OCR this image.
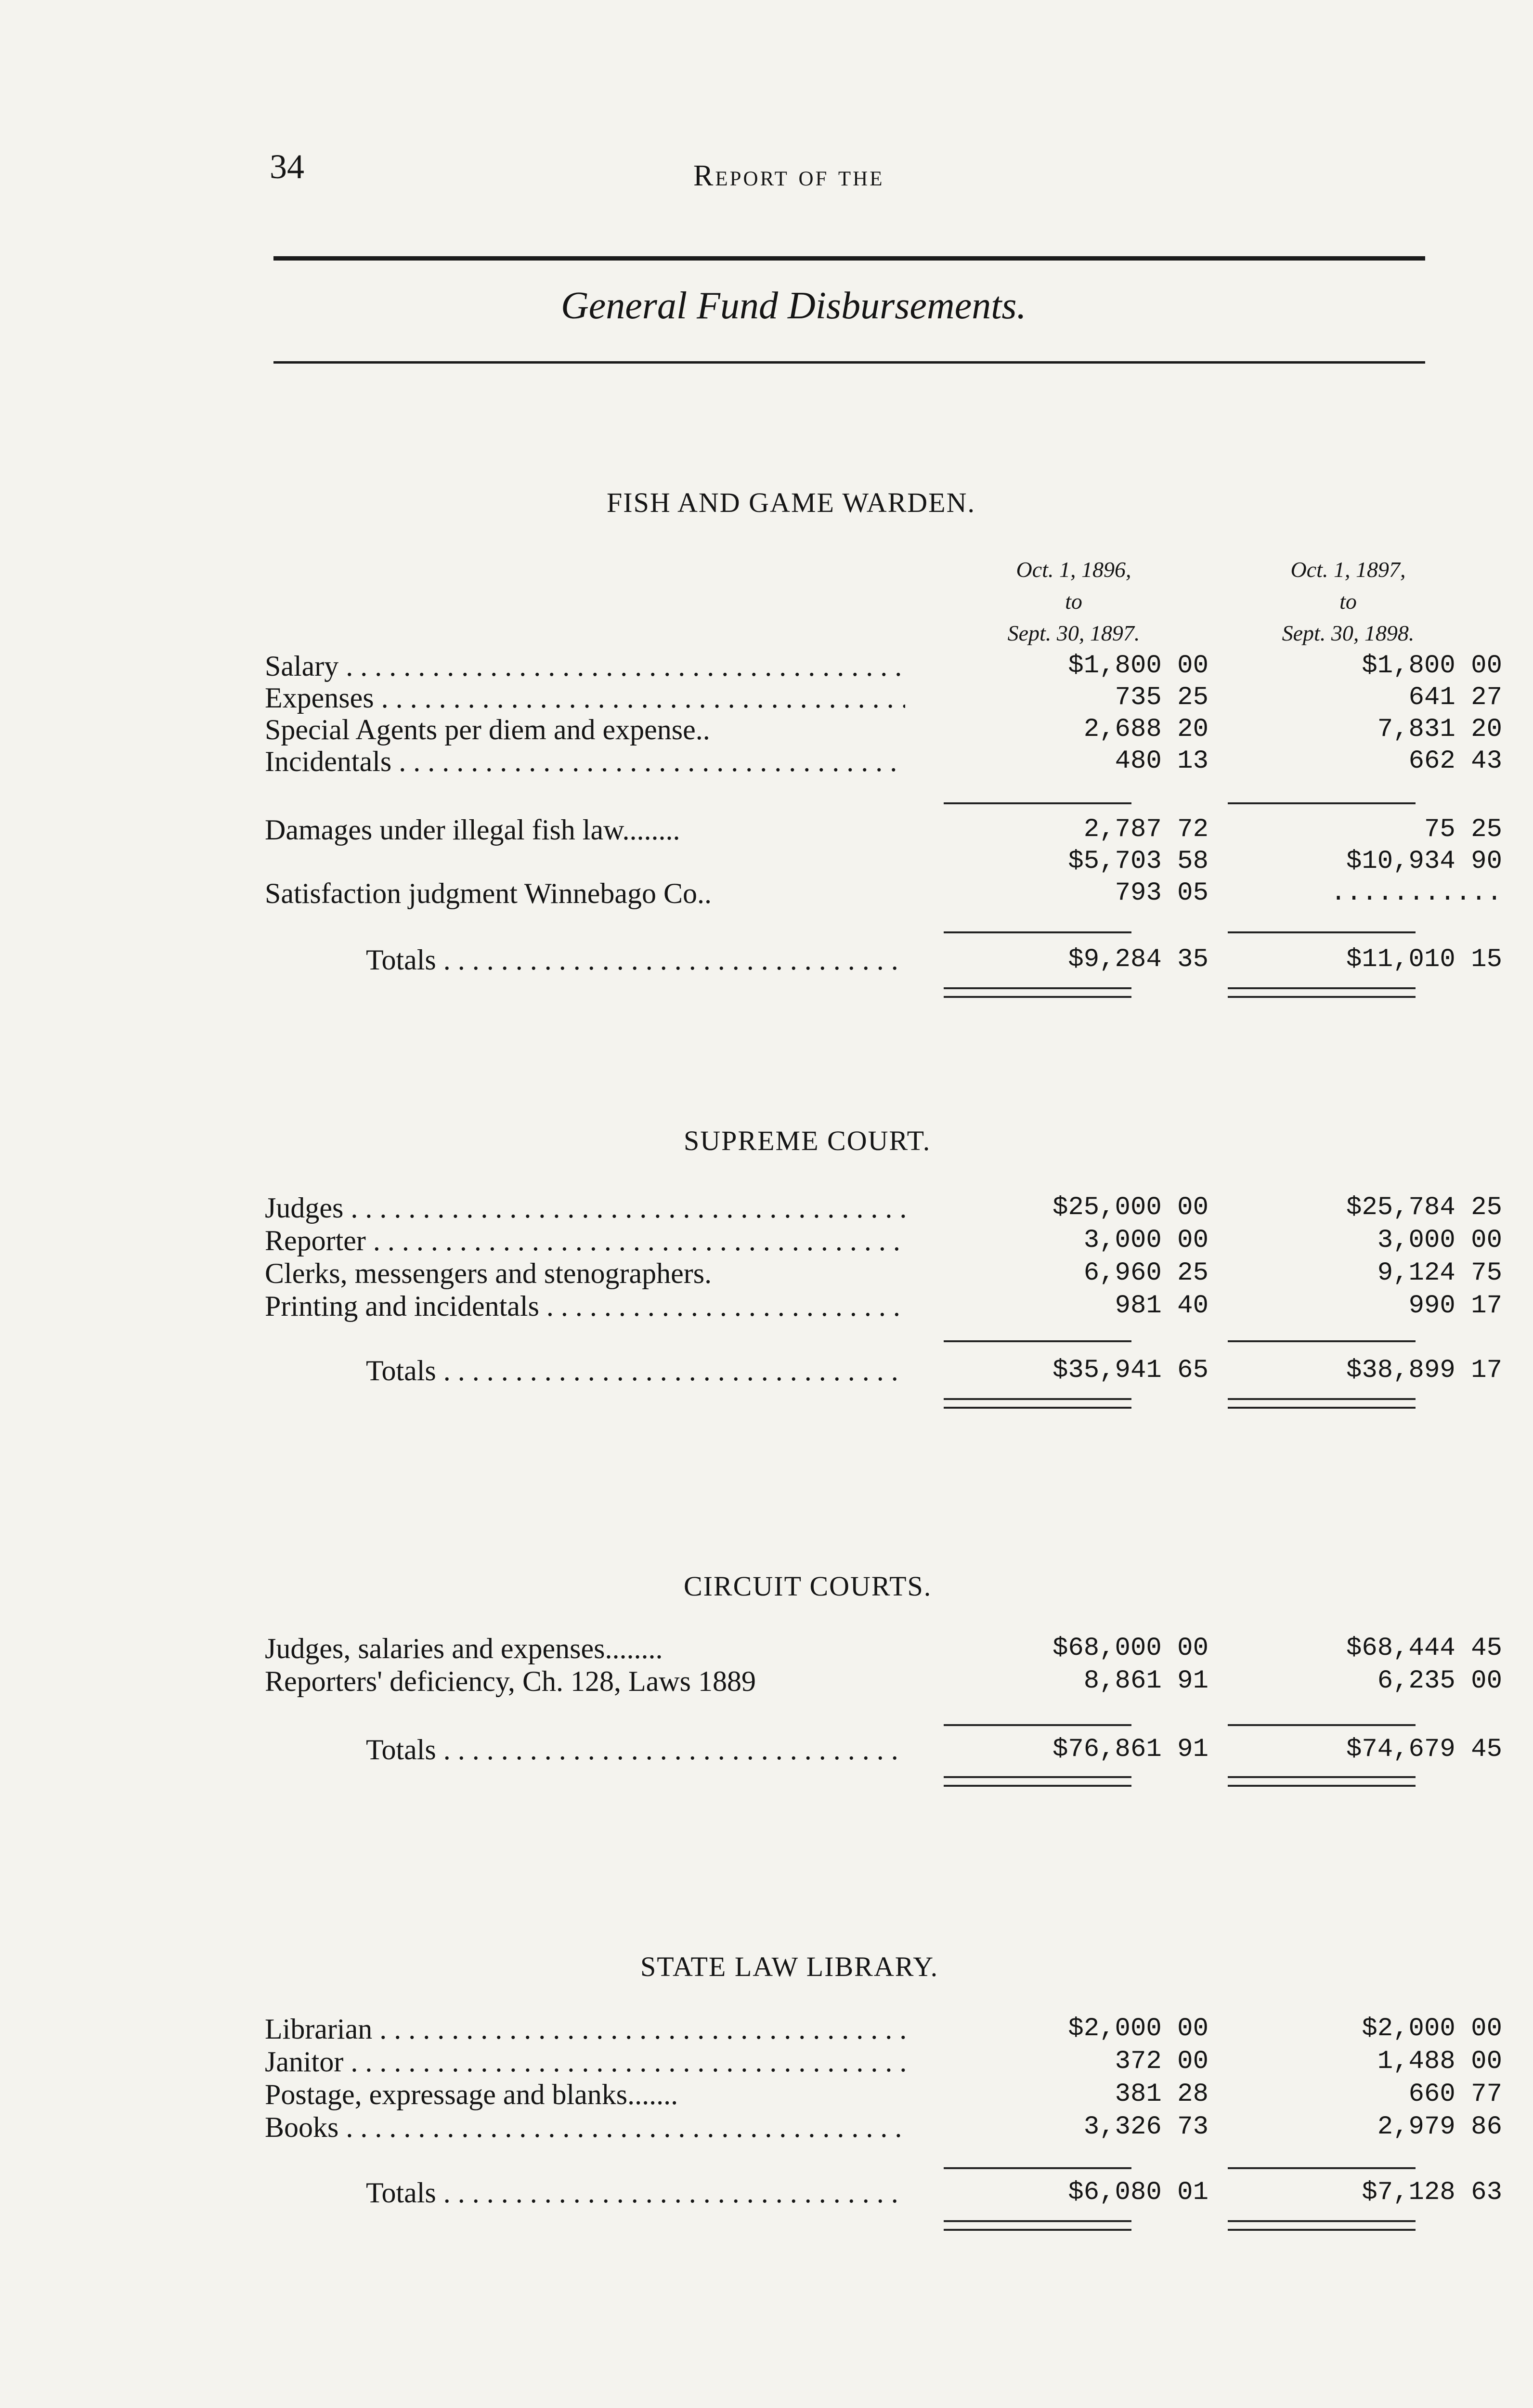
34	Report of the
General Fund Disbursements.
FISH AND GAME WARDEN.
Oct. 1, 1896,
to
Sept. 30, 1897.
Oct. 1, 1897,
to
Sept. 30, 1898.
Salary . . .	$1,800 00	$1,800 00
Expenses . . .	735 25	641 27
Special Agents per diem and expense..	2,688 20	7,831 20
Incidentals . . .	480 13	662 43
Damages under illegal fish law........	2,787 72	75 25
$5,703 58	$10,934 90
Satisfaction judgment Winnebago Co..	793 05	...........
Totals . . .	$9,284 35	$11,010 15
SUPREME COURT.
Judges . . .	$25,000 00	$25,784 25
Reporter . . .	3,000 00	3,000 00
Clerks, messengers and stenographers.	6,960 25	9,124 75
Printing and incidentals . . .	981 40	990 17
Totals . . .	$35,941 65	$38,899 17
CIRCUIT COURTS.
Judges, salaries and expenses........	$68,000 00	$68,444 45
Reporters' deficiency, Ch. 128, Laws 1889	8,861 91	6,235 00
Totals . . .	$76,861 91	$74,679 45
STATE LAW LIBRARY.
Librarian . . .	$2,000 00	$2,000 00
Janitor . . .	372 00	1,488 00
Postage, expressage and blanks.......	381 28	660 77
Books . . .	3,326 73	2,979 86
Totals . . .	$6,080 01	$7,128 63
